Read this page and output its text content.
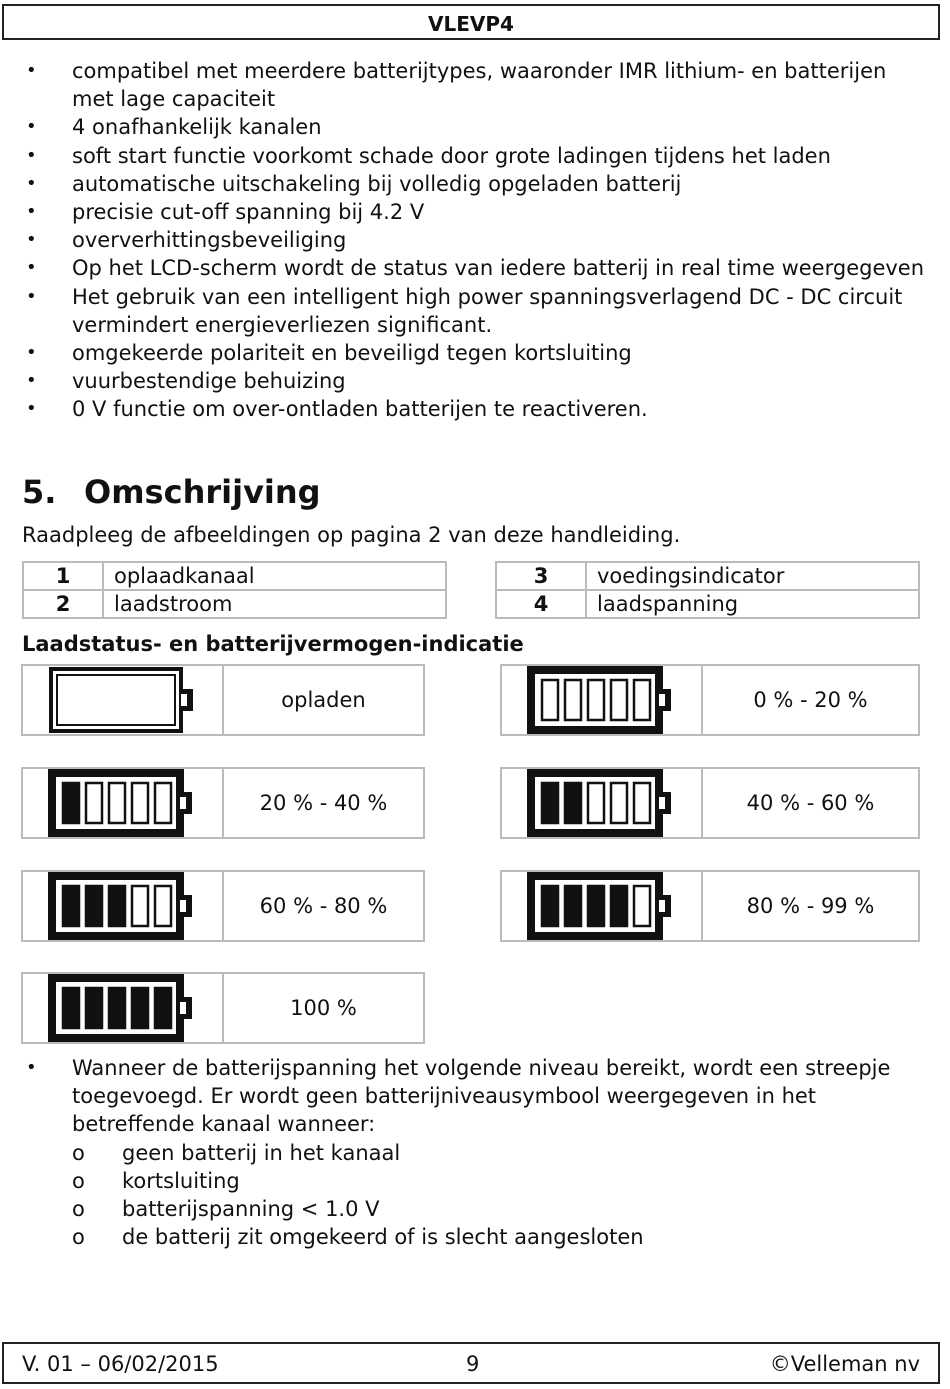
VLEVP4
• compatibel met meerdere batterijtypes, waaronder IMR lithium- en batterijen met lage capaciteit
• 4 onafhankelijk kanalen
• soft start functie voorkomt schade door grote ladingen tijdens het laden
• automatische uitschakeling bij volledig opgeladen batterij
• precisie cut-off spanning bij 4.2 V
• oververhittingsbeveiliging
• Op het LCD-scherm wordt de status van iedere batterij in real time weergegeven
• Het gebruik van een intelligent high power spanningsverlagend DC - DC circuit vermindert energieverliezen significant.
• omgekeerde polariteit en beveiligd tegen kortsluiting
• vuurbestendige behuizing
• 0 V functie om over-ontladen batterijen te reactiveren.
5. Omschrijving
Raadpleeg de afbeeldingen op pagina 2 van deze handleiding.
1	oplaadkanaal
2	laadstroom
3	voedingsindicator
4	laadspanning
Laadstatus- en batterijvermogen-indicatie
opladen	0 % - 20 %
20 % - 40 %	40 % - 60 %
60 % - 80 %	80 % - 99 %
100 %
• Wanneer de batterijspanning het volgende niveau bereikt, wordt een streepje toegevoegd. Er wordt geen batterijniveausymbool weergegeven in het betreffende kanaal wanneer:
o geen batterij in het kanaal
o kortsluiting
o batterijspanning < 1.0 V
o de batterij zit omgekeerd of is slecht aangesloten
V. 01 – 06/02/2015	9	©Velleman nv
